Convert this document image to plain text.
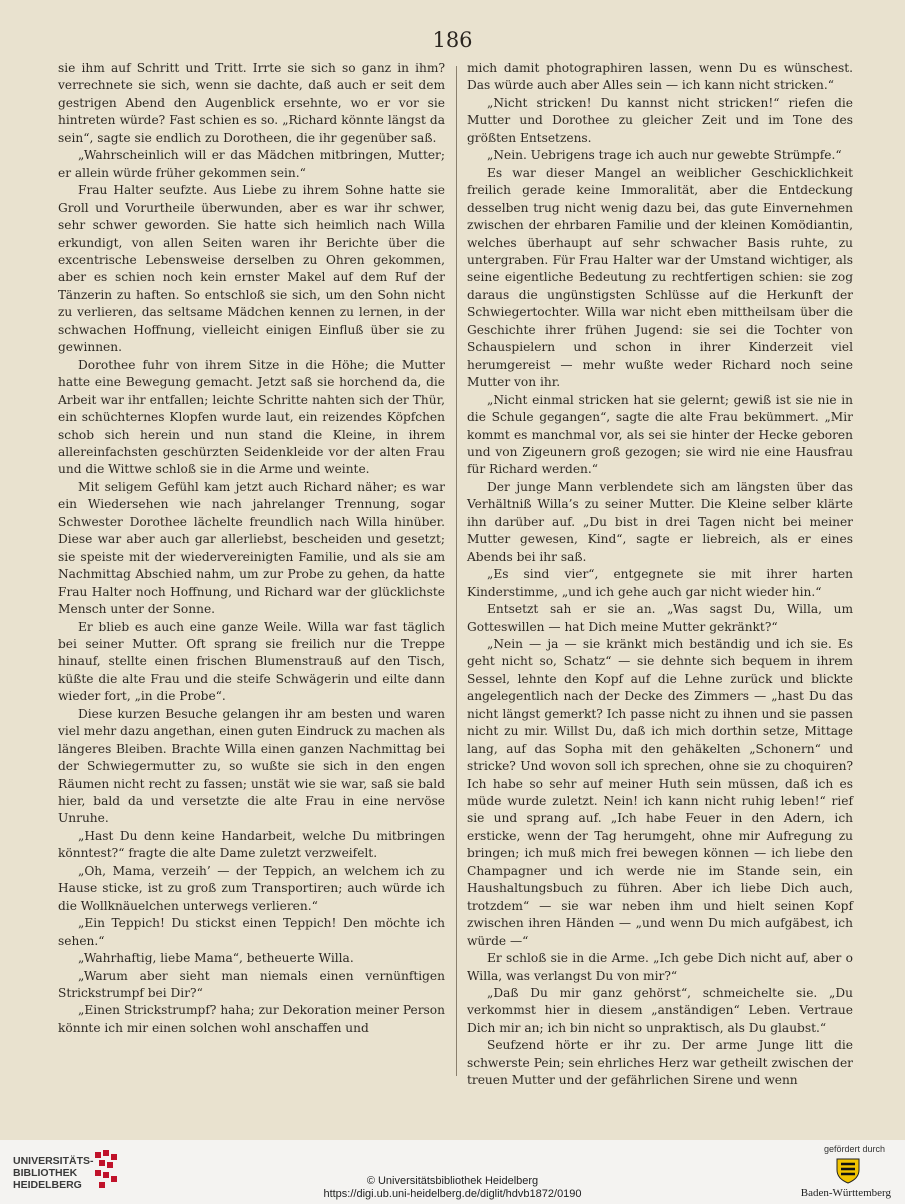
186

sie ihm auf Schritt und Tritt. Irrte sie sich so ganz in ihm? verrechnete sie sich, wenn sie dachte, daß auch er seit dem gestrigen Abend den Augenblick ersehnte, wo er vor sie hintreten würde? Fast schien es so. „Richard könnte längst da sein“, sagte sie endlich zu Dorotheen, die ihr gegenüber saß.

„Wahrscheinlich will er das Mädchen mitbringen, Mutter; er allein würde früher gekommen sein.“

Frau Halter seufzte. Aus Liebe zu ihrem Sohne hatte sie Groll und Vorurtheile überwunden, aber es war ihr schwer, sehr schwer geworden. Sie hatte sich heimlich nach Willa erkundigt, von allen Seiten waren ihr Berichte über die excentrische Lebensweise derselben zu Ohren gekommen, aber es schien noch kein ernster Makel auf dem Ruf der Tänzerin zu haften. So entschloß sie sich, um den Sohn nicht zu verlieren, das seltsame Mädchen kennen zu lernen, in der schwachen Hoffnung, vielleicht einigen Einfluß über sie zu gewinnen.

Dorothee fuhr von ihrem Sitze in die Höhe; die Mutter hatte eine Bewegung gemacht. Jetzt saß sie horchend da, die Arbeit war ihr entfallen; leichte Schritte nahten sich der Thür, ein schüchternes Klopfen wurde laut, ein reizendes Köpfchen schob sich herein und nun stand die Kleine, in ihrem allereinfachsten geschürzten Seidenkleide vor der alten Frau und die Wittwe schloß sie in die Arme und weinte.

Mit seligem Gefühl kam jetzt auch Richard näher; es war ein Wiedersehen wie nach jahrelanger Trennung, sogar Schwester Dorothee lächelte freundlich nach Willa hinüber. Diese war aber auch gar allerliebst, bescheiden und gesetzt; sie speiste mit der wiedervereinigten Familie, und als sie am Nachmittag Abschied nahm, um zur Probe zu gehen, da hatte Frau Halter noch Hoffnung, und Richard war der glücklichste Mensch unter der Sonne.

Er blieb es auch eine ganze Weile. Willa war fast täglich bei seiner Mutter. Oft sprang sie freilich nur die Treppe hinauf, stellte einen frischen Blumenstrauß auf den Tisch, küßte die alte Frau und die steife Schwägerin und eilte dann wieder fort, „in die Probe“.

Diese kurzen Besuche gelangen ihr am besten und waren viel mehr dazu angethan, einen guten Eindruck zu machen als längeres Bleiben. Brachte Willa einen ganzen Nachmittag bei der Schwiegermutter zu, so wußte sie sich in den engen Räumen nicht recht zu fassen; unstät wie sie war, saß sie bald hier, bald da und versetzte die alte Frau in eine nervöse Unruhe.

„Hast Du denn keine Handarbeit, welche Du mitbringen könntest?“ fragte die alte Dame zuletzt verzweifelt.

„Oh, Mama, verzeih’ — der Teppich, an welchem ich zu Hause sticke, ist zu groß zum Transportiren; auch würde ich die Wollknäuelchen unterwegs verlieren.“

„Ein Teppich! Du stickst einen Teppich! Den möchte ich sehen.“

„Wahrhaftig, liebe Mama“, betheuerte Willa.

„Warum aber sieht man niemals einen vernünftigen Strickstrumpf bei Dir?“

„Einen Strickstrumpf? haha; zur Dekoration meiner Person könnte ich mir einen solchen wohl anschaffen und

mich damit photographiren lassen, wenn Du es wünschest. Das würde auch aber Alles sein — ich kann nicht stricken.“

„Nicht stricken! Du kannst nicht stricken!“ riefen die Mutter und Dorothee zu gleicher Zeit und im Tone des größten Entsetzens.

„Nein. Uebrigens trage ich auch nur gewebte Strümpfe.“

Es war dieser Mangel an weiblicher Geschicklichkeit freilich gerade keine Immoralität, aber die Entdeckung desselben trug nicht wenig dazu bei, das gute Einvernehmen zwischen der ehrbaren Familie und der kleinen Komödiantin, welches überhaupt auf sehr schwacher Basis ruhte, zu untergraben. Für Frau Halter war der Umstand wichtiger, als seine eigentliche Bedeutung zu rechtfertigen schien: sie zog daraus die ungünstigsten Schlüsse auf die Herkunft der Schwiegertochter. Willa war nicht eben mittheilsam über die Geschichte ihrer frühen Jugend: sie sei die Tochter von Schauspielern und schon in ihrer Kinderzeit viel herumgereist — mehr wußte weder Richard noch seine Mutter von ihr.

„Nicht einmal stricken hat sie gelernt; gewiß ist sie nie in die Schule gegangen“, sagte die alte Frau bekümmert. „Mir kommt es manchmal vor, als sei sie hinter der Hecke geboren und von Zigeunern groß gezogen; sie wird nie eine Hausfrau für Richard werden.“

Der junge Mann verblendete sich am längsten über das Verhältniß Willa’s zu seiner Mutter. Die Kleine selber klärte ihn darüber auf. „Du bist in drei Tagen nicht bei meiner Mutter gewesen, Kind“, sagte er liebreich, als er eines Abends bei ihr saß.

„Es sind vier“, entgegnete sie mit ihrer harten Kinderstimme, „und ich gehe auch gar nicht wieder hin.“

Entsetzt sah er sie an. „Was sagst Du, Willa, um Gotteswillen — hat Dich meine Mutter gekränkt?“

„Nein — ja — sie kränkt mich beständig und ich sie. Es geht nicht so, Schatz“ — sie dehnte sich bequem in ihrem Sessel, lehnte den Kopf auf die Lehne zurück und blickte angelegentlich nach der Decke des Zimmers — „hast Du das nicht längst gemerkt? Ich passe nicht zu ihnen und sie passen nicht zu mir. Willst Du, daß ich mich dorthin setze, Mittage lang, auf das Sopha mit den gehäkelten „Schonern“ und stricke? Und wovon soll ich sprechen, ohne sie zu choquiren? Ich habe so sehr auf meiner Huth sein müssen, daß ich es müde wurde zuletzt. Nein! ich kann nicht ruhig leben!“ rief sie und sprang auf. „Ich habe Feuer in den Adern, ich ersticke, wenn der Tag herumgeht, ohne mir Aufregung zu bringen; ich muß mich frei bewegen können — ich liebe den Champagner und ich werde nie im Stande sein, ein Haushaltungsbuch zu führen. Aber ich liebe Dich auch, trotzdem“ — sie war neben ihm und hielt seinen Kopf zwischen ihren Händen — „und wenn Du mich aufgäbest, ich würde —“

Er schloß sie in die Arme. „Ich gebe Dich nicht auf, aber o Willa, was verlangst Du von mir?“

„Daß Du mir ganz gehörst“, schmeichelte sie. „Du verkommst hier in diesem „anständigen“ Leben. Vertraue Dich mir an; ich bin nicht so unpraktisch, als Du glaubst.“

Seufzend hörte er ihr zu. Der arme Junge litt die schwerste Pein; sein ehrliches Herz war getheilt zwischen der treuen Mutter und der gefährlichen Sirene und wenn

UNIVERSITÄTS-
BIBLIOTHEK
HEIDELBERG	© Universitätsbibliothek Heidelberg
https://digi.ub.uni-heidelberg.de/diglit/hdvb1872/0190
gefördert durch
Baden-Württemberg
